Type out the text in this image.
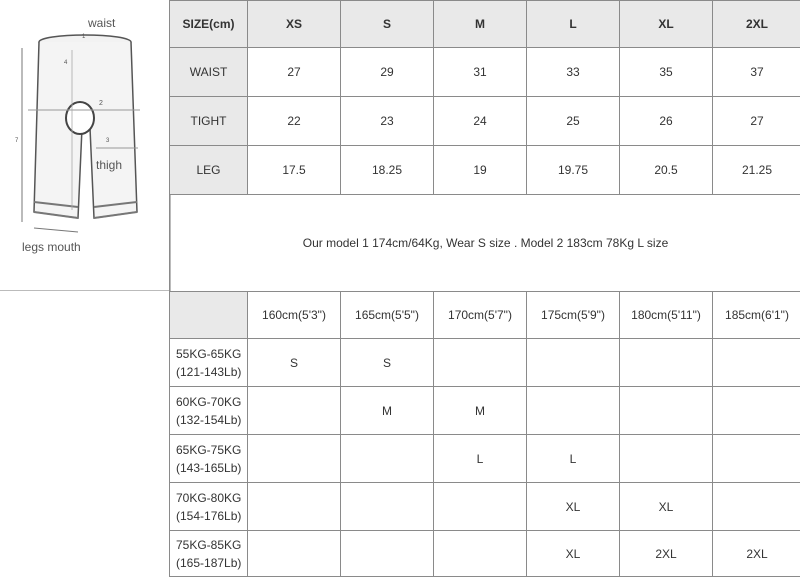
waist
thigh
legs mouth
1
2
3
4
7
SIZE(cm)	XS	S	M	L	XL	2XL
WAIST	27	29	31	33	35	37
TIGHT	22	23	24	25	26	27
LEG	17.5	18.25	19	19.75	20.5	21.25
Our model 1 174cm/64Kg, Wear S size . Model 2 183cm 78Kg L size						
	160cm(5'3")	165cm(5'5")	170cm(5'7")	175cm(5'9")	180cm(5'11")	185cm(6'1")
55KG-65KG
(121-143Lb)	S	S				
60KG-70KG
(132-154Lb)		M	M			
65KG-75KG
(143-165Lb)			L	L		
70KG-80KG
(154-176Lb)				XL	XL	
75KG-85KG
(165-187Lb)				XL	2XL	2XL
